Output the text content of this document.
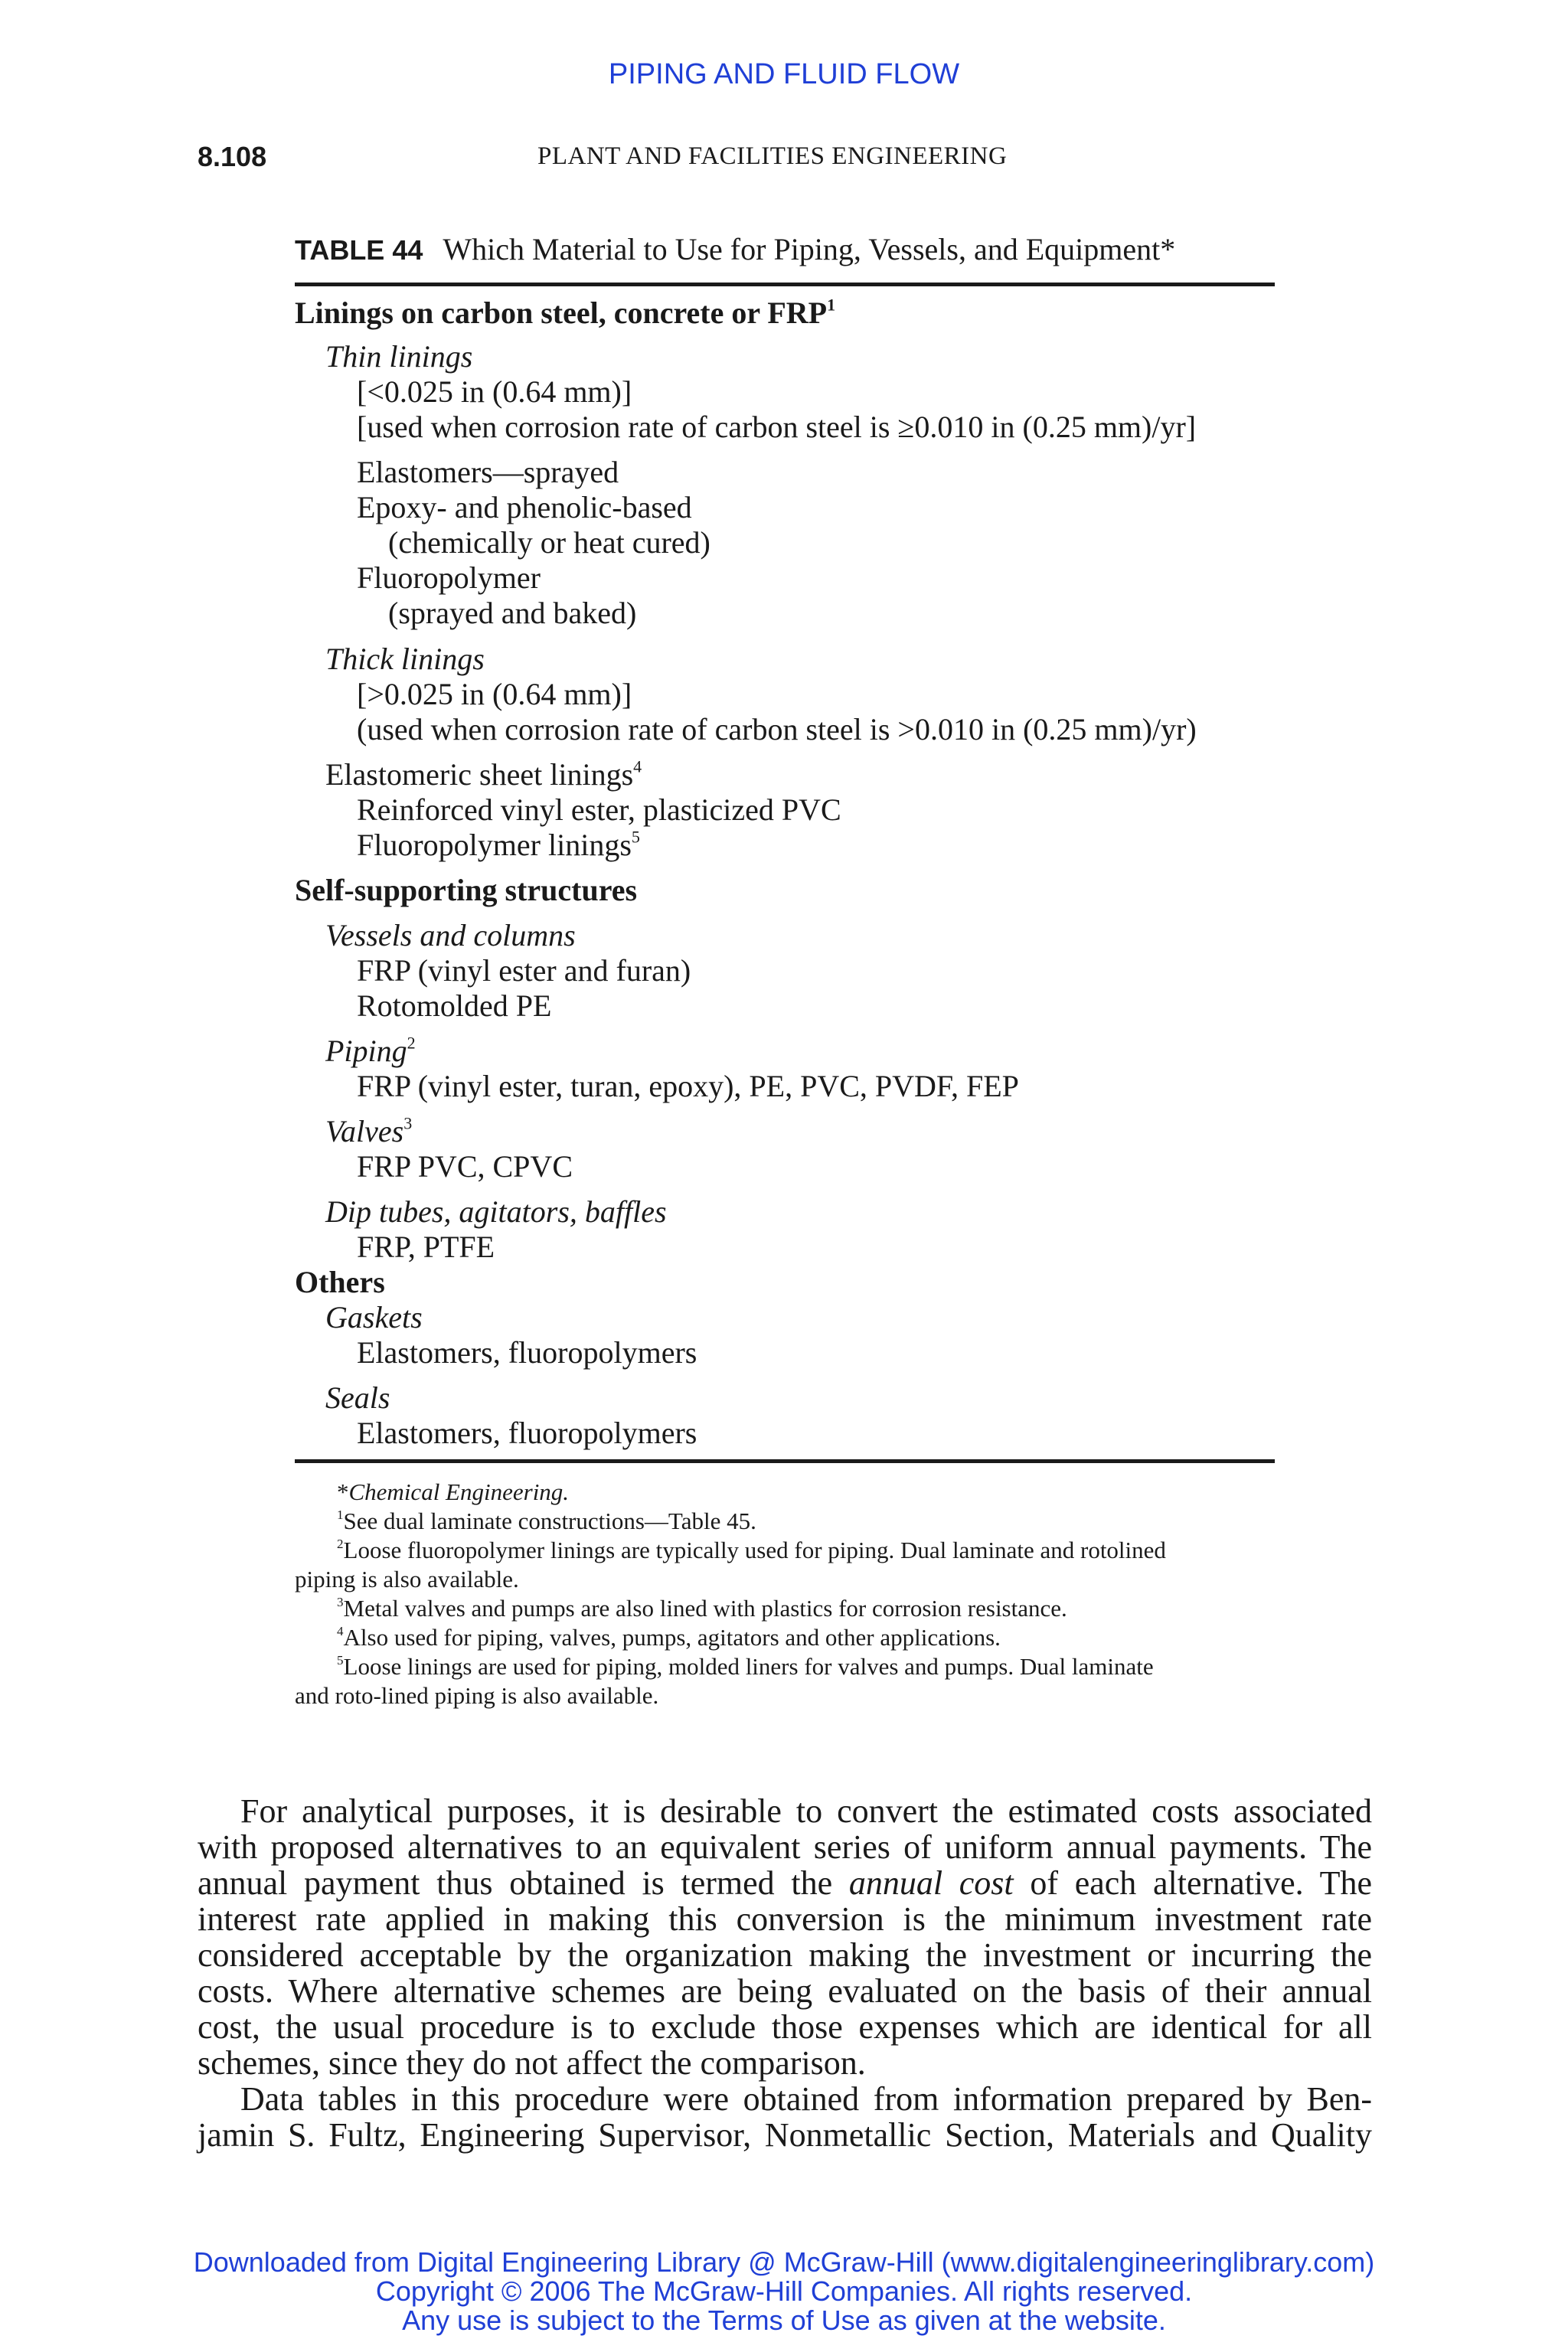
PIPING AND FLUID FLOW
8.108	PLANT AND FACILITIES ENGINEERING
TABLE 44 Which Material to Use for Piping, Vessels, and Equipment*
Linings on carbon steel, concrete or FRP$^1$
Thin linings
[<0.025 in (0.64 mm)]
[used when corrosion rate of carbon steel is ≥0.010 in (0.25 mm)/yr]
Elastomers—sprayed
Epoxy- and phenolic-based
(chemically or heat cured)
Fluoropolymer
(sprayed and baked)
Thick linings
[>0.025 in (0.64 mm)]
(used when corrosion rate of carbon steel is >0.010 in (0.25 mm)/yr)
Elastomeric sheet linings$^4$
Reinforced vinyl ester, plasticized PVC
Fluoropolymer linings$^5$
Self-supporting structures
Vessels and columns
FRP (vinyl ester and furan)
Rotomolded PE
Piping$^2$
FRP (vinyl ester, turan, epoxy), PE, PVC, PVDF, FEP
Valves$^3$
FRP PVC, CPVC
Dip tubes, agitators, baffles
FRP, PTFE
Others
Gaskets
Elastomers, fluoropolymers
Seals
Elastomers, fluoropolymers
*Chemical Engineering.
$^1$See dual laminate constructions—Table 45.
$^2$Loose fluoropolymer linings are typically used for piping. Dual laminate and rotolined
piping is also available.
$^3$Metal valves and pumps are also lined with plastics for corrosion resistance.
$^4$Also used for piping, valves, pumps, agitators and other applications.
$^5$Loose linings are used for piping, molded liners for valves and pumps. Dual laminate
and roto-lined piping is also available.
For analytical purposes, it is desirable to convert the estimated costs associated
with proposed alternatives to an equivalent series of uniform annual payments. The
annual payment thus obtained is termed the annual cost of each alternative. The
interest rate applied in making this conversion is the minimum investment rate
considered acceptable by the organization making the investment or incurring the
costs. Where alternative schemes are being evaluated on the basis of their annual
cost, the usual procedure is to exclude those expenses which are identical for all
schemes, since they do not affect the comparison.
Data tables in this procedure were obtained from information prepared by Ben-
jamin S. Fultz, Engineering Supervisor, Nonmetallic Section, Materials and Quality
Downloaded from Digital Engineering Library @ McGraw-Hill (www.digitalengineeringlibrary.com)
Copyright © 2006 The McGraw-Hill Companies. All rights reserved.
Any use is subject to the Terms of Use as given at the website.
